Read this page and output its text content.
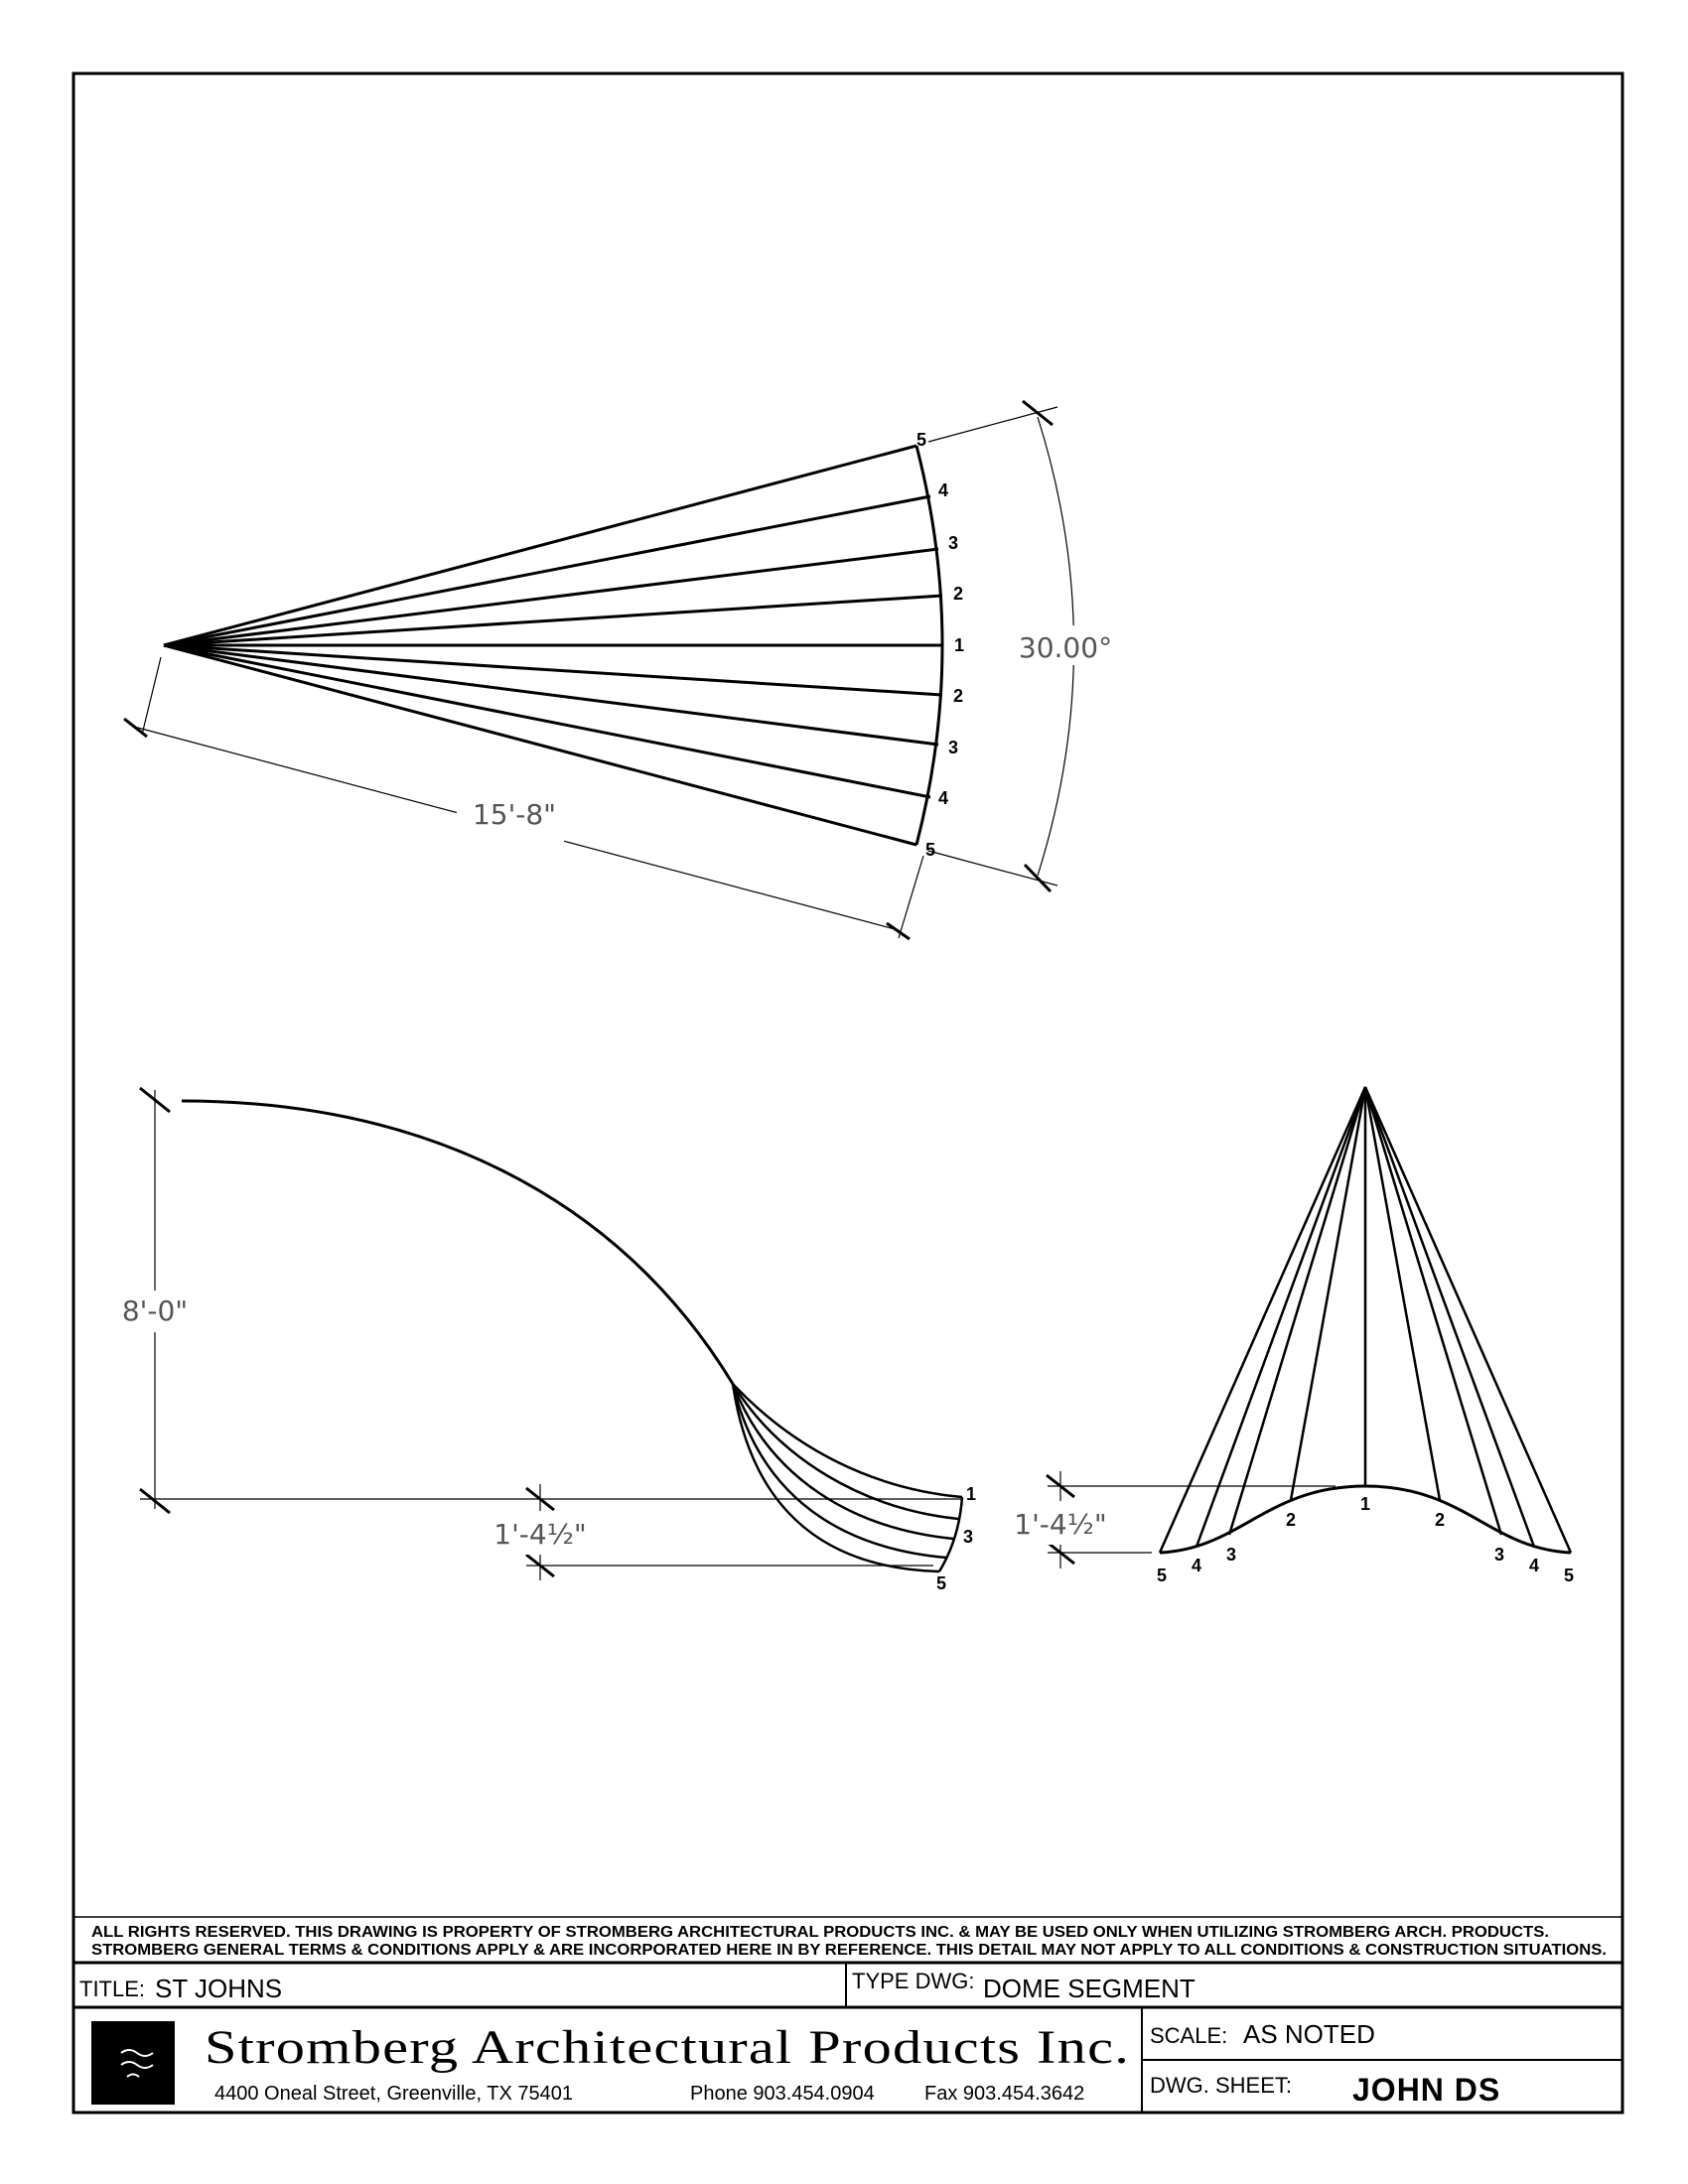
30.00°
15'-8"
5
4
3
2
1
2
3
4
5
8'-0"
1'-4½"
1
3
5
1'-4½"
5 4
3
2
1
2
3
4 5
ALL RIGHTS RESERVED. THIS DRAWING IS PROPERTY OF STROMBERG ARCHITECTURAL PRODUCTS INC. & MAY BE USED ONLY WHEN UTILIZING STROMBERG ARCH. PRODUCTS.
STROMBERG GENERAL TERMS & CONDITIONS APPLY & ARE INCORPORATED HERE IN BY REFERENCE. THIS DETAIL MAY NOT APPLY TO ALL CONDITIONS & CONSTRUCTION SITUATIONS.
TITLE: ST JOHNS	TYPE DWG: DOME SEGMENT
Stromberg Architectural Products Inc.
4400 Oneal Street, Greenville, TX 75401	Phone 903.454.0904	Fax 903.454.3642
SCALE: AS NOTED
DWG. SHEET: JOHN DS
